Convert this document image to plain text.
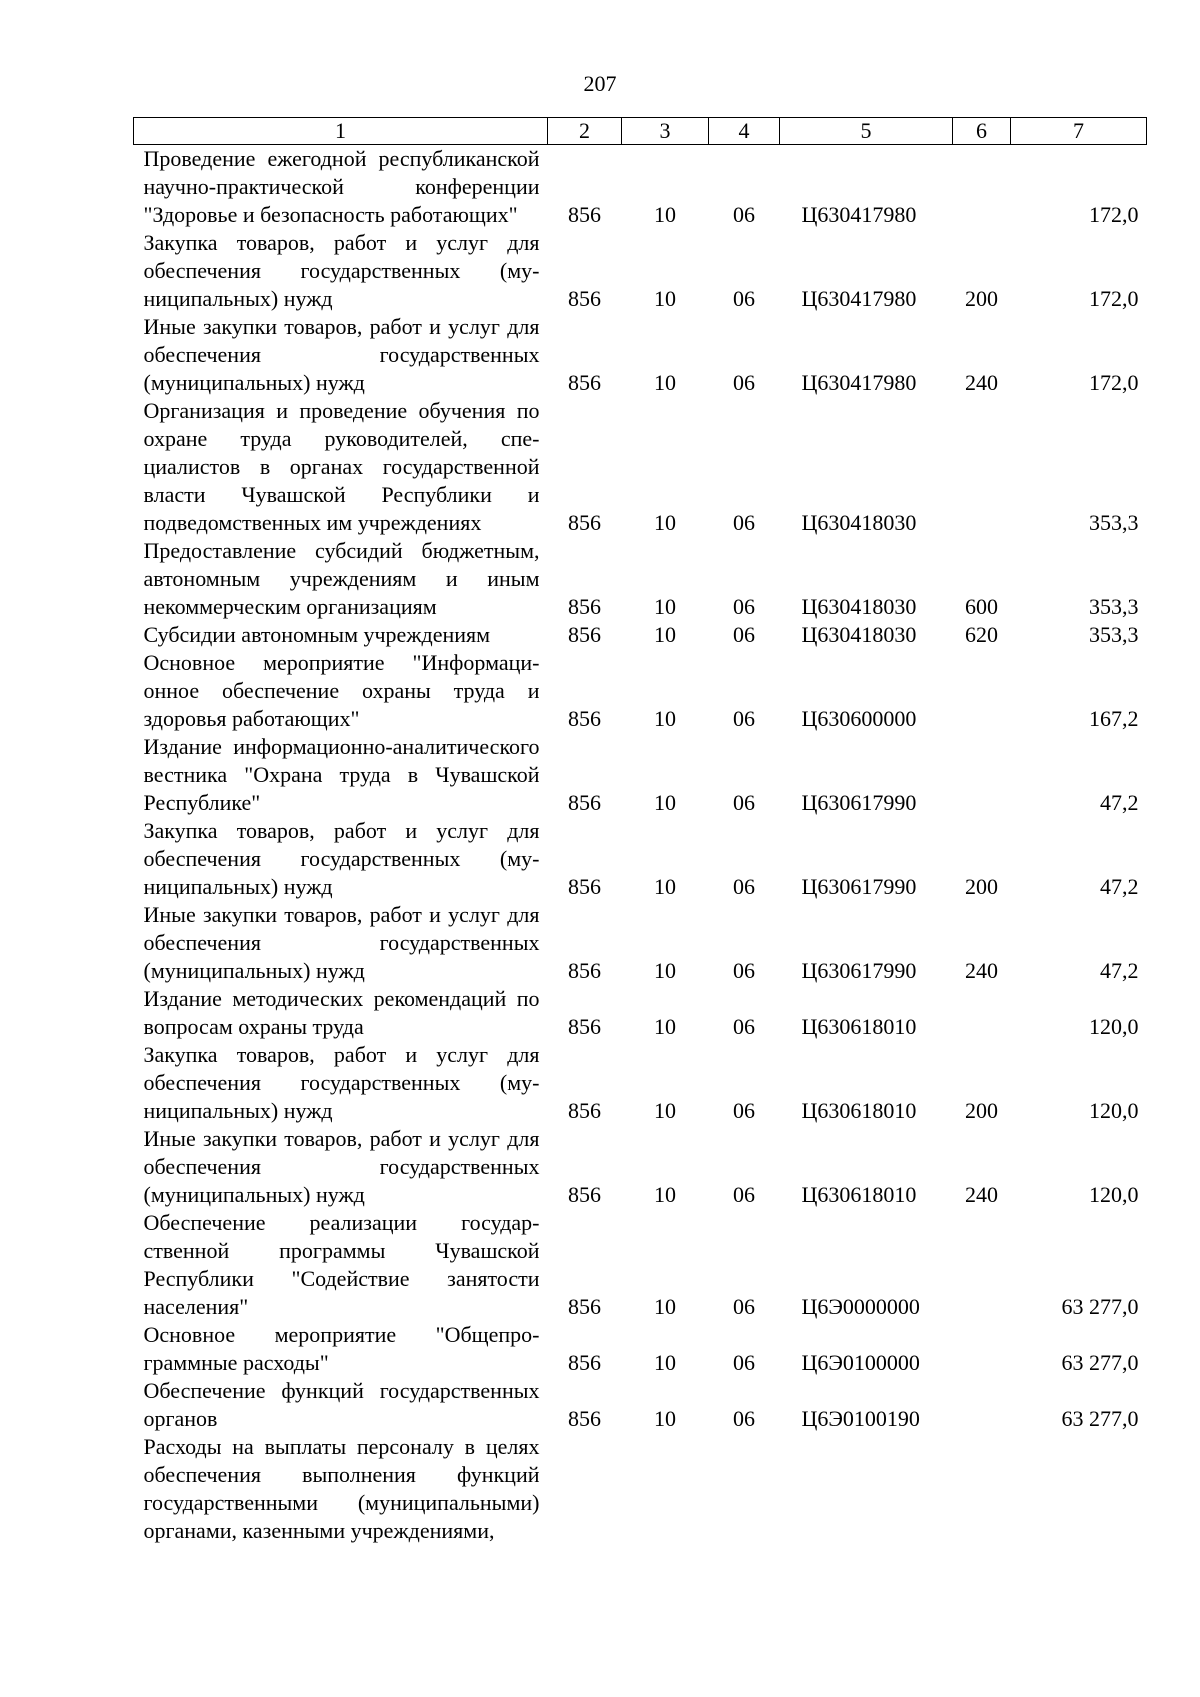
207
1	2	3	4	5	6	7
Проведение ежегодной республиканской научно-практической конференции "Здоровье и безопасность работающих"	856	10	06	Ц630417980		172,0
Закупка товаров, работ и услуг для обеспечения государственных (муниципальных) нужд	856	10	06	Ц630417980	200	172,0
Иные закупки товаров, работ и услуг для обеспечения государственных (муниципальных) нужд	856	10	06	Ц630417980	240	172,0
Организация и проведение обучения по охране труда руководителей, специалистов в органах государственной власти Чувашской Республики и подведомственных им учреждениях	856	10	06	Ц630418030		353,3
Предоставление субсидий бюджетным, автономным учреждениям и иным некоммерческим организациям	856	10	06	Ц630418030	600	353,3
Субсидии автономным учреждениям	856	10	06	Ц630418030	620	353,3
Основное мероприятие "Информационное обеспечение охраны труда и здоровья работающих"	856	10	06	Ц630600000		167,2
Издание информационно-аналитического вестника "Охрана труда в Чувашской Республике"	856	10	06	Ц630617990		47,2
Закупка товаров, работ и услуг для обеспечения государственных (муниципальных) нужд	856	10	06	Ц630617990	200	47,2
Иные закупки товаров, работ и услуг для обеспечения государственных (муниципальных) нужд	856	10	06	Ц630617990	240	47,2
Издание методических рекомендаций по вопросам охраны труда	856	10	06	Ц630618010		120,0
Закупка товаров, работ и услуг для обеспечения государственных (муниципальных) нужд	856	10	06	Ц630618010	200	120,0
Иные закупки товаров, работ и услуг для обеспечения государственных (муниципальных) нужд	856	10	06	Ц630618010	240	120,0
Обеспечение реализации государственной программы Чувашской Республики "Содействие занятости населения"	856	10	06	Ц6Э0000000		63 277,0
Основное мероприятие "Общепрограммные расходы"	856	10	06	Ц6Э0100000		63 277,0
Обеспечение функций государственных органов	856	10	06	Ц6Э0100190		63 277,0
Расходы на выплаты персоналу в целях обеспечения выполнения функций государственными (муниципальными) органами, казенными учреждениями,						
